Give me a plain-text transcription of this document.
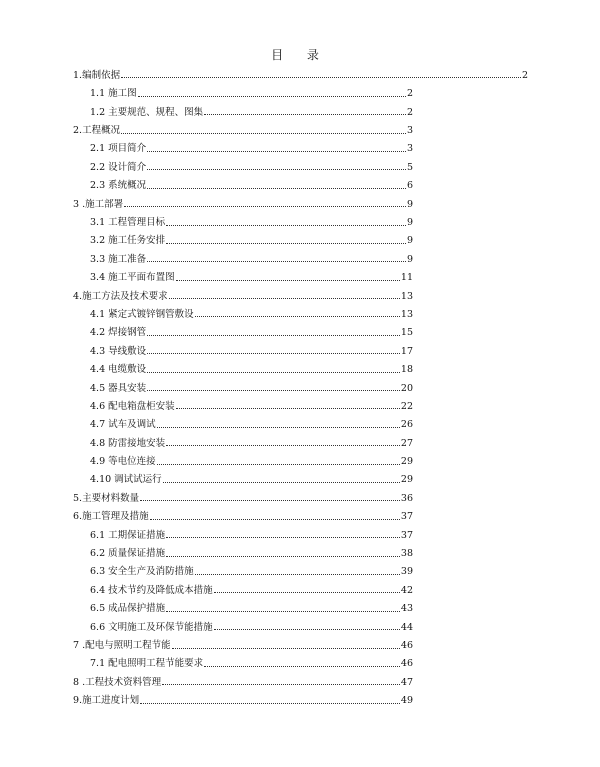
目 录
1.编制依据	2
1.1 施工图	2
1.2 主要规范、规程、图集	2
2.工程概况	3
2.1 项目简介	3
2.2 设计简介	5
2.3 系统概况	6
3 .施工部署	9
3.1 工程管理目标	9
3.2 施工任务安排	9
3.3 施工准备	9
3.4 施工平面布置图	11
4.施工方法及技术要求	13
4.1 紧定式镀锌钢管敷设	13
4.2 焊接钢管	15
4.3 导线敷设	17
4.4 电缆敷设	18
4.5 器具安装	20
4.6 配电箱盘柜安装	22
4.7 试车及调试	26
4.8 防雷接地安装	27
4.9 等电位连接	29
4.10 调试试运行	29
5.主要材料数量	36
6.施工管理及措施	37
6.1 工期保证措施	37
6.2 质量保证措施	38
6.3 安全生产及消防措施	39
6.4 技术节约及降低成本措施	42
6.5 成品保护措施	43
6.6 文明施工及环保节能措施	44
7 .配电与照明工程节能	46
7.1 配电照明工程节能要求	46
8 .工程技术资料管理	47
9.施工进度计划	49
